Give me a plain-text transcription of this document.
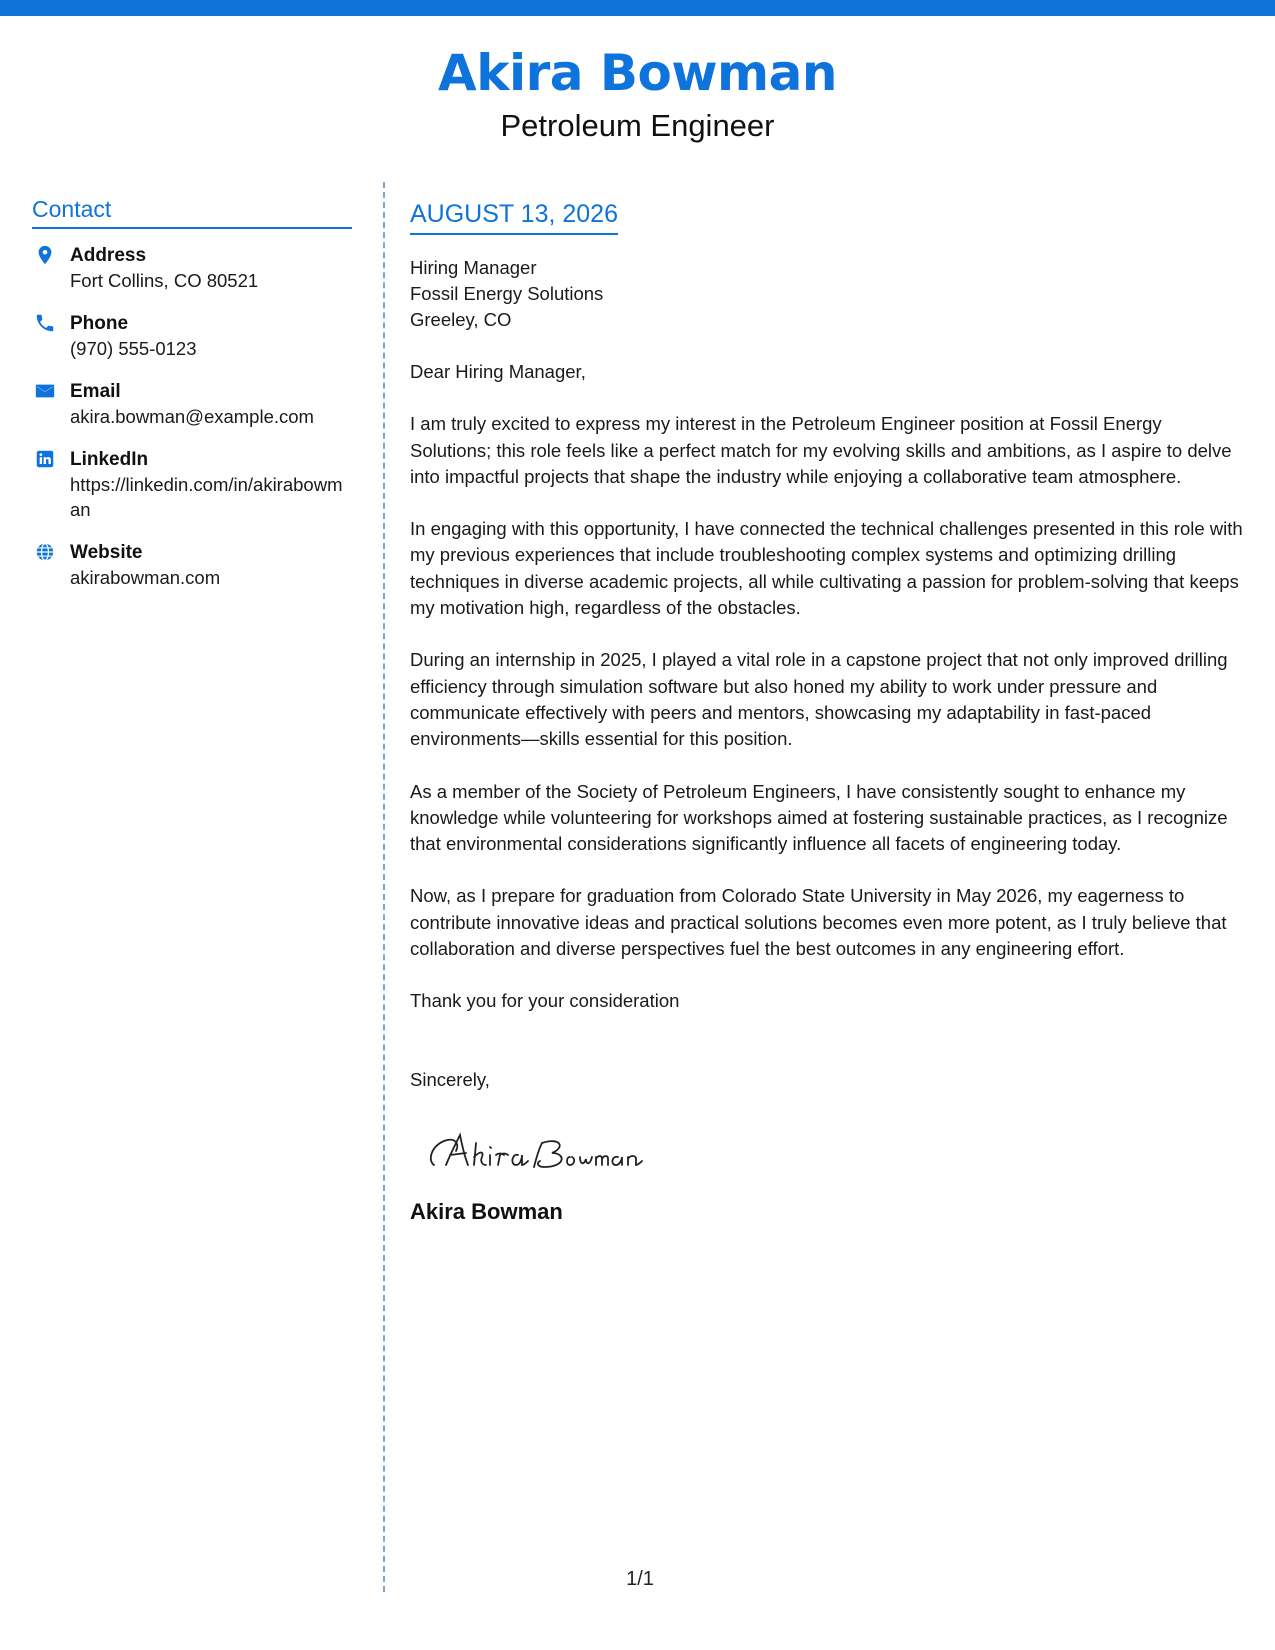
Akira Bowman
Petroleum Engineer
Contact
Address
Fort Collins, CO 80521
Phone
(970) 555-0123
Email
akira.bowman@example.com
LinkedIn
https://linkedin.com/in/akirabowman
Website
akirabowman.com
AUGUST 13, 2026
Hiring Manager
Fossil Energy Solutions
Greeley, CO

Dear Hiring Manager,

I am truly excited to express my interest in the Petroleum Engineer position at Fossil Energy Solutions; this role feels like a perfect match for my evolving skills and ambitions, as I aspire to delve into impactful projects that shape the industry while enjoying a collaborative team atmosphere.

In engaging with this opportunity, I have connected the technical challenges presented in this role with my previous experiences that include troubleshooting complex systems and optimizing drilling techniques in diverse academic projects, all while cultivating a passion for problem-solving that keeps my motivation high, regardless of the obstacles.

During an internship in 2025, I played a vital role in a capstone project that not only improved drilling efficiency through simulation software but also honed my ability to work under pressure and communicate effectively with peers and mentors, showcasing my adaptability in fast-paced environments—skills essential for this position.

As a member of the Society of Petroleum Engineers, I have consistently sought to enhance my knowledge while volunteering for workshops aimed at fostering sustainable practices, as I recognize that environmental considerations significantly influence all facets of engineering today.

Now, as I prepare for graduation from Colorado State University in May 2026, my eagerness to contribute innovative ideas and practical solutions becomes even more potent, as I truly believe that collaboration and diverse perspectives fuel the best outcomes in any engineering effort.

Thank you for your consideration

Sincerely,
Akira Bowman
1/1
